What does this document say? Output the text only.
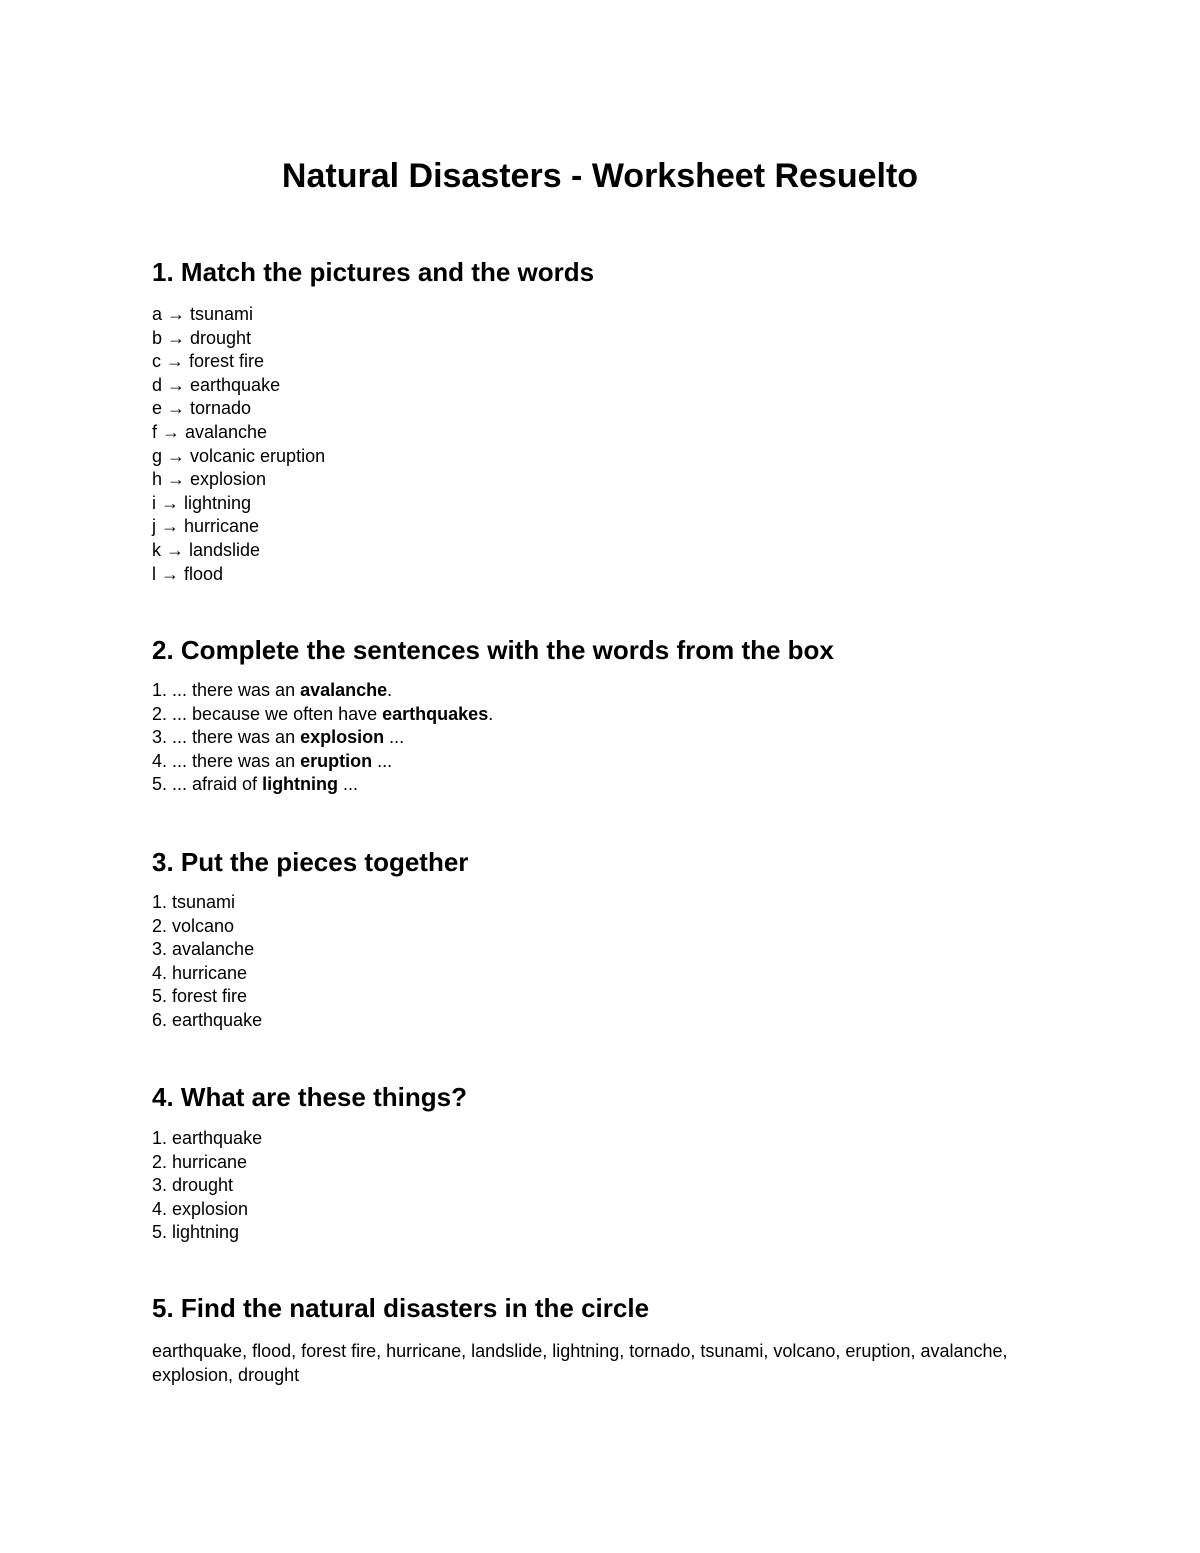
Natural Disasters - Worksheet Resuelto
1. Match the pictures and the words
a → tsunami
b → drought
c → forest fire
d → earthquake
e → tornado
f → avalanche
g → volcanic eruption
h → explosion
i → lightning
j → hurricane
k → landslide
l → flood
2. Complete the sentences with the words from the box
1. ... there was an avalanche.
2. ... because we often have earthquakes.
3. ... there was an explosion ...
4. ... there was an eruption ...
5. ... afraid of lightning ...
3. Put the pieces together
1. tsunami
2. volcano
3. avalanche
4. hurricane
5. forest fire
6. earthquake
4. What are these things?
1. earthquake
2. hurricane
3. drought
4. explosion
5. lightning
5. Find the natural disasters in the circle

earthquake, flood, forest fire, hurricane, landslide, lightning, tornado, tsunami, volcano, eruption, avalanche, explosion, drought
